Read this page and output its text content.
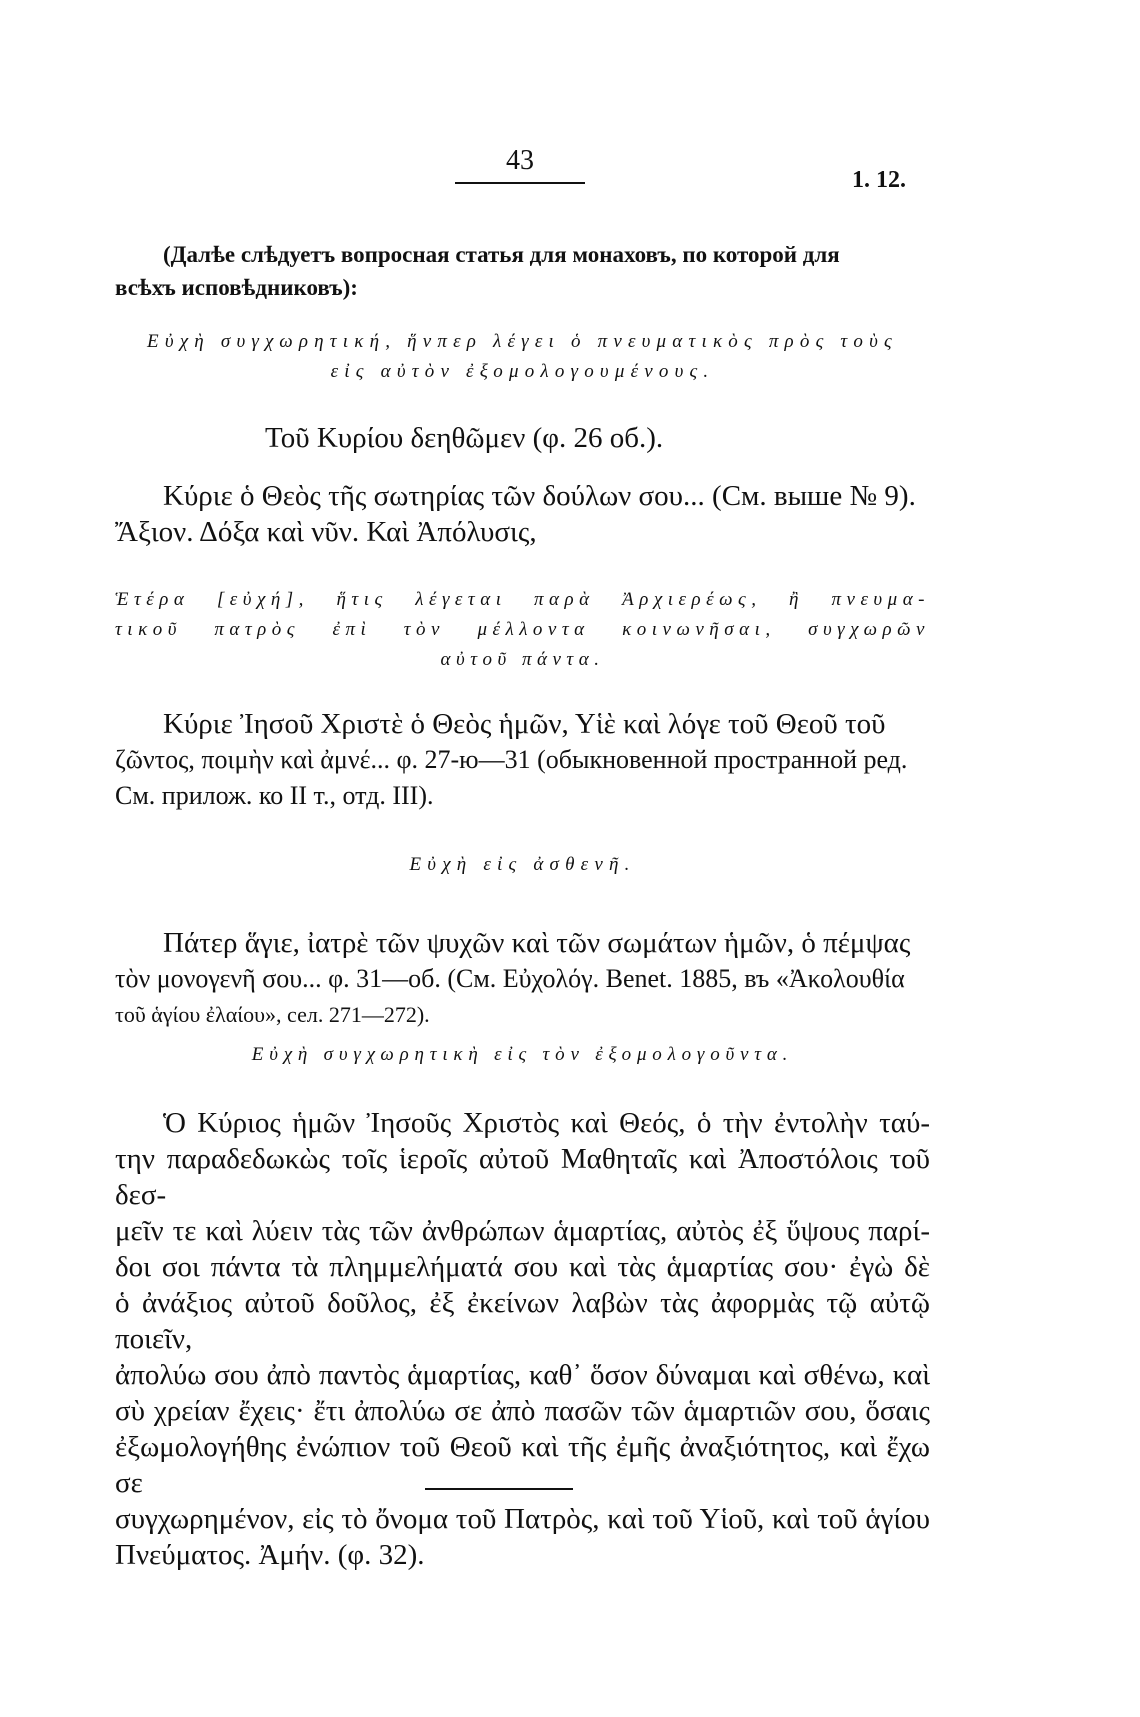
43
1. 12.
(Далѣе слѣдуетъ вопросная статья для монаховъ, по которой для
всѣхъ исповѣдниковъ):
Εὐχὴ συγχωρητική, ἥνπερ λέγει ὁ πνευματικὸς πρὸς τοὺς
εἰς αὐτὸν ἐξομολογουμένους.
Τοῦ Κυρίου δεηθῶμεν (φ. 26 οб.).
Κύριε ὁ Θεὸς τῆς σωτηρίας τῶν δούλων σου... (См. выше № 9).
Ἄξιον. Δόξα καὶ νῦν. Καὶ Ἀπόλυσις,
Ἑτέρα [εὐχή], ἥτις λέγεται παρὰ Ἀρχιερέως, ἢ πνευμα-
τικοῦ πατρὸς ἐπὶ τὸν μέλλοντα κοινωνῆσαι, συγχωρῶν
αὐτοῦ πάντα.
Κύριε Ἰησοῦ Χριστὲ ὁ Θεὸς ἡμῶν, Υἱὲ καὶ λόγε τοῦ Θεοῦ τοῦ
ζῶντος, ποιμὴν καὶ ἀμνέ... φ. 27-ю—31 (обыкновенной пространной ред.
См. прилож. ко II т., отд. III).
Εὐχὴ εἰς ἀσθενῆ.
Πάτερ ἅγιε, ἰατρὲ τῶν ψυχῶν καὶ τῶν σωμάτων ἡμῶν, ὁ πέμψας
τὸν μονογενῆ σου... φ. 31—об. (См. Εὐχολόγ. Benet. 1885, въ «Ἀκολουθία
τοῦ ἁγίου ἐλαίου», сел. 271—272).
Εὐχὴ συγχωρητικὴ εἰς τὸν ἐξομολογοῦντα.
Ὁ Κύριος ἡμῶν Ἰησοῦς Χριστὸς καὶ Θεός, ὁ τὴν ἐντολὴν ταύ-
την παραδεδωκὼς τοῖς ἱεροῖς αὐτοῦ Μαθηταῖς καὶ Ἀποστόλοις τοῦ δεσ-
μεῖν τε καὶ λύειν τὰς τῶν ἀνθρώπων ἁμαρτίας, αὐτὸς ἐξ ὕψους παρί-
δοι σοι πάντα τὰ πλημμελήματά σου καὶ τὰς ἁμαρτίας σου· ἐγὼ δὲ
ὁ ἀνάξιος αὐτοῦ δοῦλος, ἐξ ἐκείνων λαβὼν τὰς ἀφορμὰς τῷ αὐτῷ ποιεῖν,
ἀπολύω σου ἀπὸ παντὸς ἁμαρτίας, καθ᾽ ὅσον δύναμαι καὶ σθένω, καὶ
σὺ χρείαν ἔχεις· ἔτι ἀπολύω σε ἀπὸ πασῶν τῶν ἁμαρτιῶν σου, ὅσαις
ἐξωμολογήθης ἐνώπιον τοῦ Θεοῦ καὶ τῆς ἐμῆς ἀναξιότητος, καὶ ἔχω σε
συγχωρημένον, εἰς τὸ ὄνομα τοῦ Πατρὸς, καὶ τοῦ Υἱοῦ, καὶ τοῦ ἁγίου
Πνεύματος. Ἀμήν. (φ. 32).
